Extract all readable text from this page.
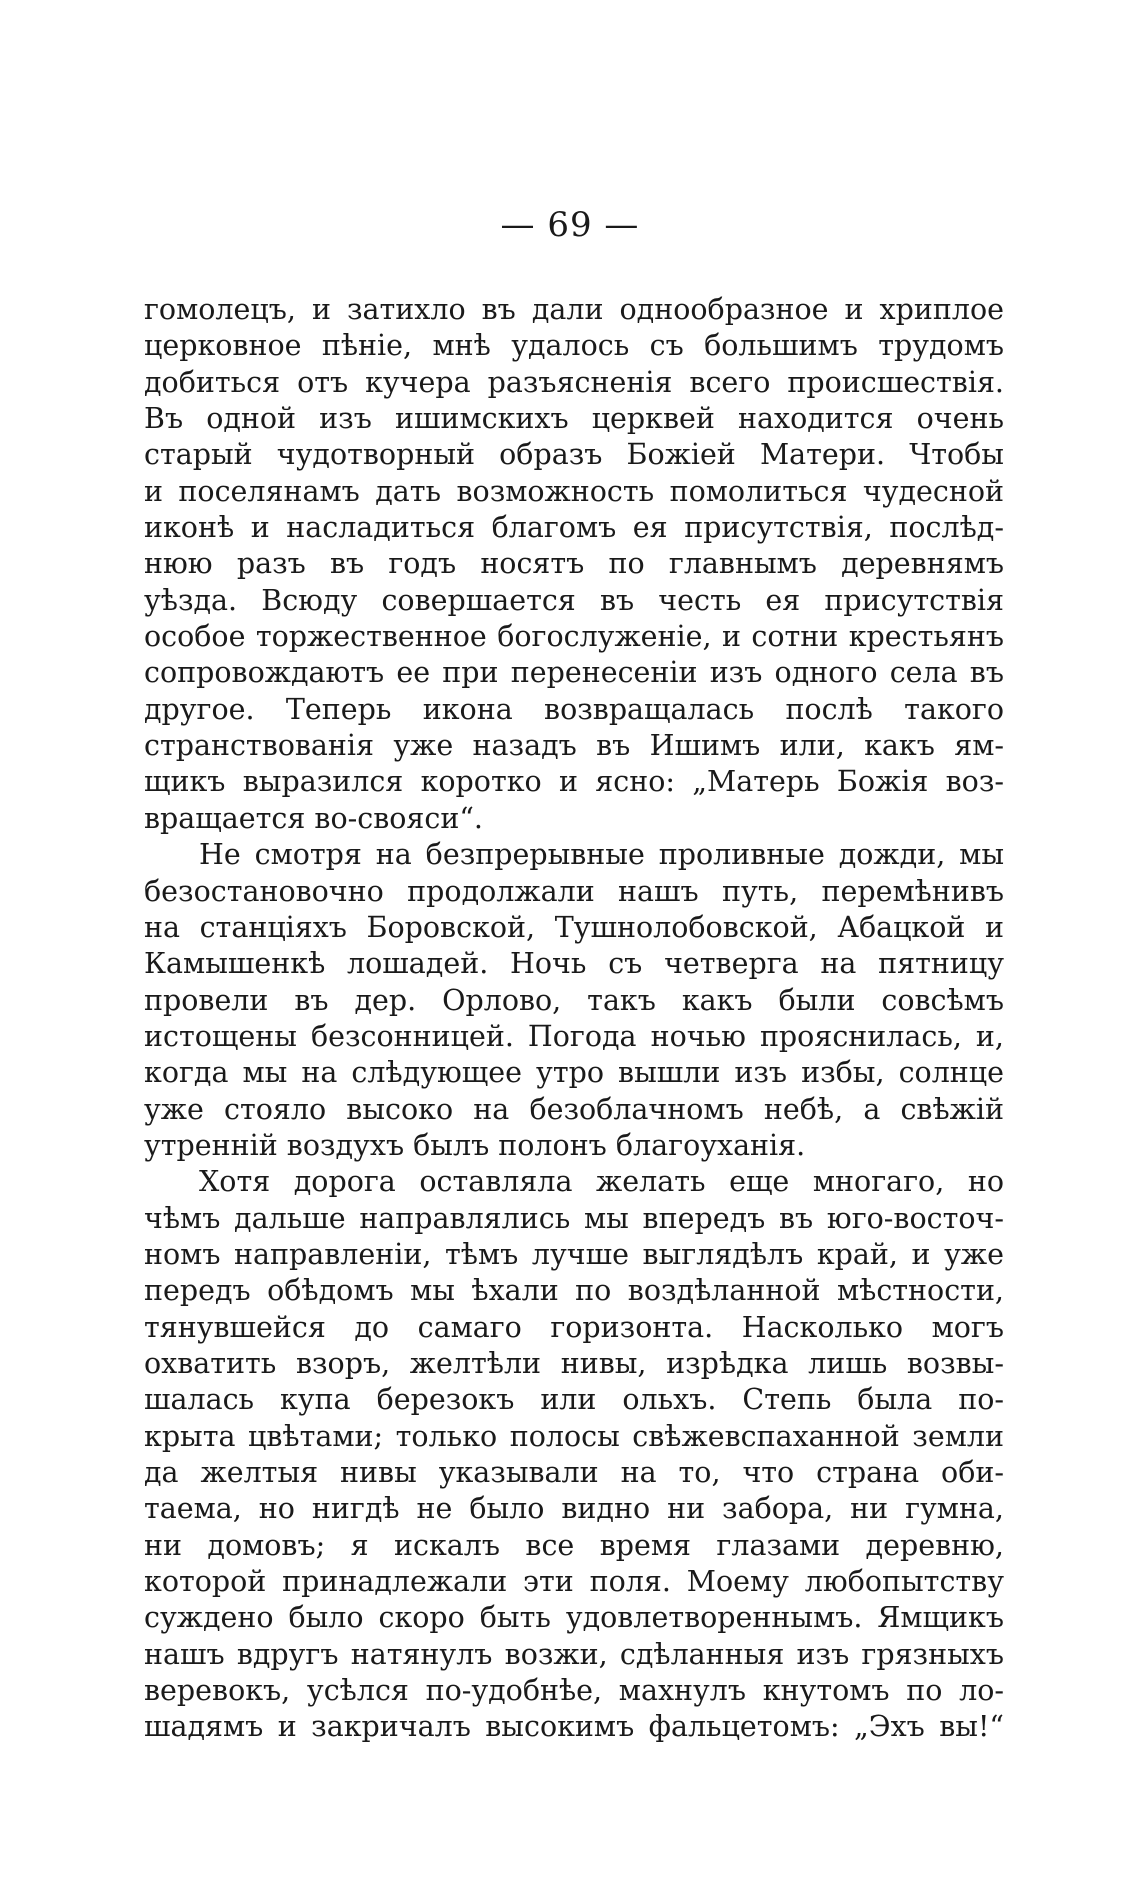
— 69 —
гомолецъ, и затихло въ дали однообразное и хриплое
церковное пѣніе, мнѣ удалось съ большимъ трудомъ
добиться отъ кучера разъясненія всего происшествія.
Въ одной изъ ишимскихъ церквей находится очень
старый чудотворный образъ Божіей Матери. Чтобы
и поселянамъ дать возможность помолиться чудесной
иконѣ и насладиться благомъ ея присутствія, послѣд-
нюю разъ въ годъ носятъ по главнымъ деревнямъ
уѣзда. Всюду совершается въ честь ея присутствія
особое торжественное богослуженіе, и сотни крестьянъ
сопровождаютъ ее при перенесеніи изъ одного села въ
другое. Теперь икона возвращалась послѣ такого
странствованія уже назадъ въ Ишимъ или, какъ ям-
щикъ выразился коротко и ясно: „Матерь Божія воз-
вращается во-свояси“.
Не смотря на безпрерывные проливные дожди, мы
безостановочно продолжали нашъ путь, перемѣнивъ
на станціяхъ Боровской, Тушнолобовской, Абацкой и
Камышенкѣ лошадей. Ночь съ четверга на пятницу
провели въ дер. Орлово, такъ какъ были совсѣмъ
истощены безсонницей. Погода ночью прояснилась, и,
когда мы на слѣдующее утро вышли изъ избы, солнце
уже стояло высоко на безоблачномъ небѣ, а свѣжій
утренній воздухъ былъ полонъ благоуханія.
Хотя дорога оставляла желать еще многаго, но
чѣмъ дальше направлялись мы впередъ въ юго-восточ-
номъ направленіи, тѣмъ лучше выглядѣлъ край, и уже
передъ обѣдомъ мы ѣхали по воздѣланной мѣстности,
тянувшейся до самаго горизонта. Насколько могъ
охватить взоръ, желтѣли нивы, изрѣдка лишь возвы-
шалась купа березокъ или ольхъ. Степь была по-
крыта цвѣтами; только полосы свѣжевспаханной земли
да желтыя нивы указывали на то, что страна оби-
таема, но нигдѣ не было видно ни забора, ни гумна,
ни домовъ; я искалъ все время глазами деревню,
которой принадлежали эти поля. Моему любопытству
суждено было скоро быть удовлетвореннымъ. Ямщикъ
нашъ вдругъ натянулъ возжи, сдѣланныя изъ грязныхъ
веревокъ, усѣлся по-удобнѣе, махнулъ кнутомъ по ло-
шадямъ и закричалъ высокимъ фальцетомъ: „Эхъ вы!“
